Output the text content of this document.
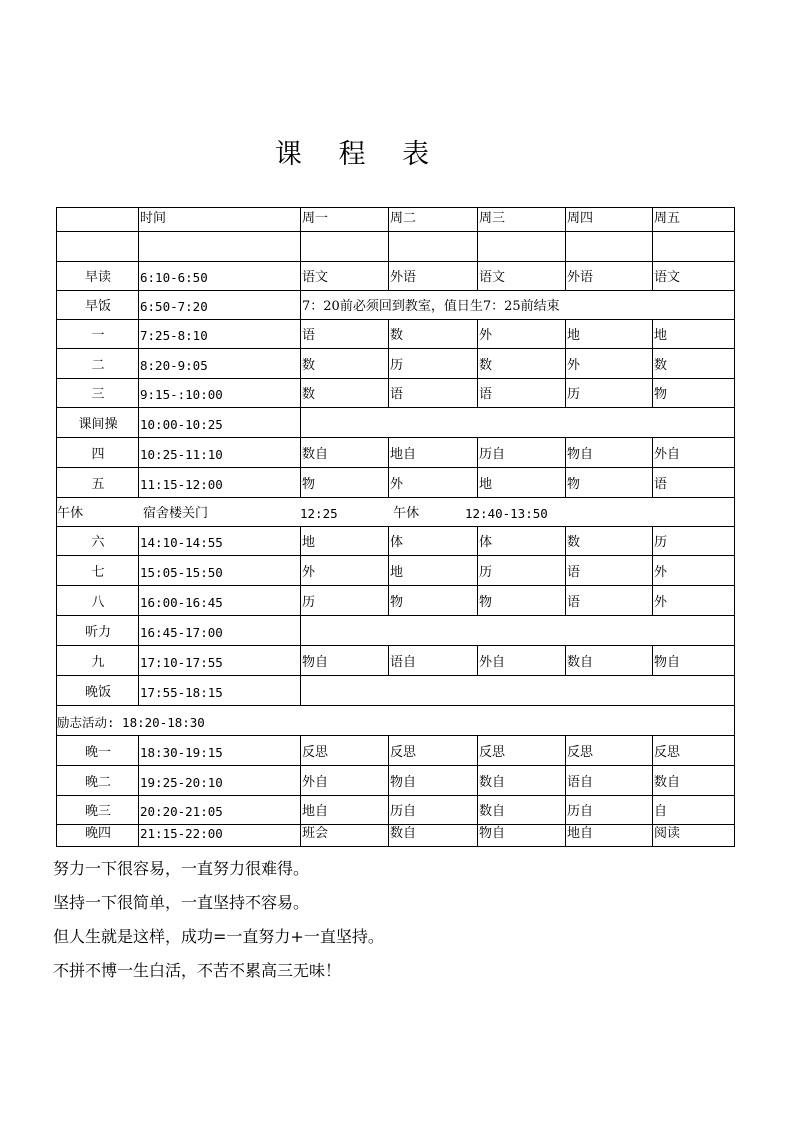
课 程 表
	时间	周一	周二	周三	周四	周五

早读	6:10-6:50	语文	外语	语文	外语	语文
早饭	6:50-7:20	7：20前必须回到教室，值日生7：25前结束				
一	7:25-8:10	语	数	外	地	地
二	8:20-9:05	数	历	数	外	数
三	9:15-:10:00	数	语	语	历	物
课间操	10:00-10:25					
四	10:25-11:10	数自	地自	历自	物自	外自
五	11:15-12:00	物	外	地	物	语

午休 宿舍楼关门 12:25 午休 12:40-13:50						

六	14:10-14:55	地	体	体	数	历
七	15:05-15:50	外	地	历	语	外
八	16:00-16:45	历	物	物	语	外
听力	16:45-17:00					
九	17:10-17:55	物自	语自	外自	数自	物自
晚饭	17:55-18:15					
励志活动: 18:20-18:30						
晚一	18:30-19:15	反思	反思	反思	反思	反思
晚二	19:25-20:10	外自	物自	数自	语自	数自
晚三	20:20-21:05	地自	历自	数自	历自	自
晚四	21:15-22:00	班会	数自	物自	地自	阅读
努力一下很容易，一直努力很难得。
坚持一下很简单，一直坚持不容易。
但人生就是这样，成功=一直努力+一直坚持。
不拼不博一生白活，不苦不累高三无味！
